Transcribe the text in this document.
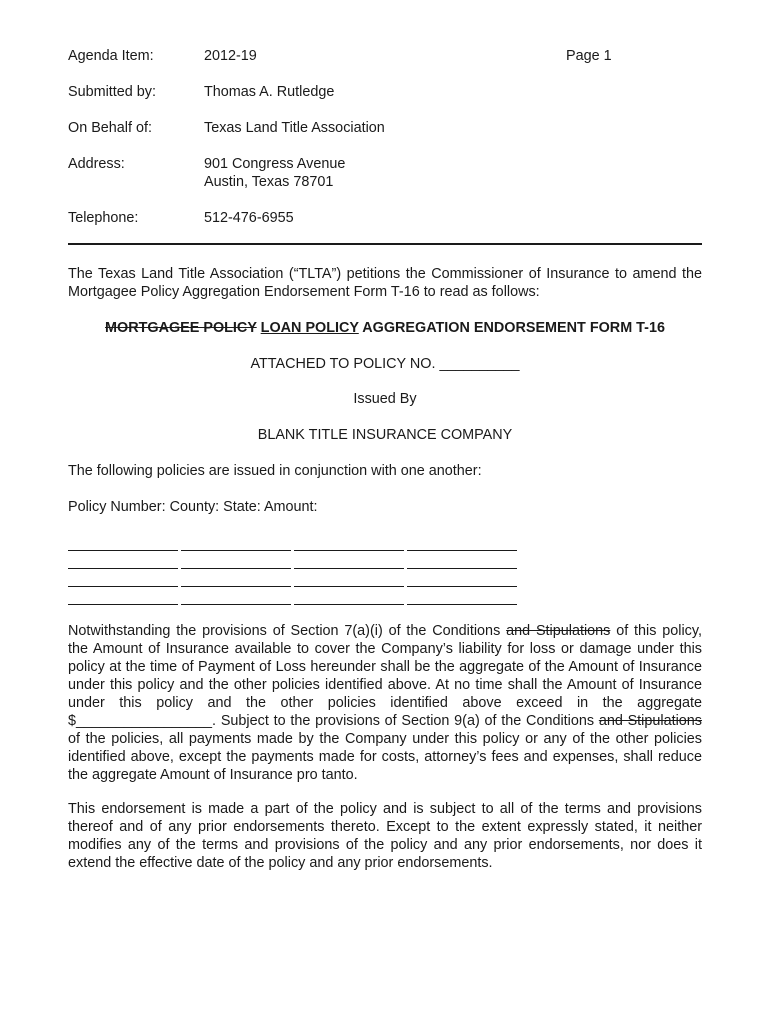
Agenda Item:	2012-19	Page 1
Submitted by:	Thomas A. Rutledge
On Behalf of:	Texas Land Title Association
Address:	901 Congress Avenue
Austin, Texas 78701
Telephone:	512-476-6955
The Texas Land Title Association (“TLTA”) petitions the Commissioner of Insurance to amend the Mortgagee Policy Aggregation Endorsement Form T-16 to read as follows:
MORTGAGEE POLICY LOAN POLICY AGGREGATION ENDORSEMENT FORM T-16
ATTACHED TO POLICY NO. __________
Issued By
BLANK TITLE INSURANCE COMPANY
The following policies are issued in conjunction with one another:
Policy Number: County: State: Amount:
Notwithstanding the provisions of Section 7(a)(i) of the Conditions and Stipulations of this policy, the Amount of Insurance available to cover the Company’s liability for loss or damage under this policy at the time of Payment of Loss hereunder shall be the aggregate of the Amount of Insurance under this policy and the other policies identified above. At no time shall the Amount of Insurance under this policy and the other policies identified above exceed in the aggregate $_________________. Subject to the provisions of Section 9(a) of the Conditions and Stipulations of the policies, all payments made by the Company under this policy or any of the other policies identified above, except the payments made for costs, attorney’s fees and expenses, shall reduce the aggregate Amount of Insurance pro tanto.
This endorsement is made a part of the policy and is subject to all of the terms and provisions thereof and of any prior endorsements thereto. Except to the extent expressly stated, it neither modifies any of the terms and provisions of the policy and any prior endorsements, nor does it extend the effective date of the policy and any prior endorsements.
